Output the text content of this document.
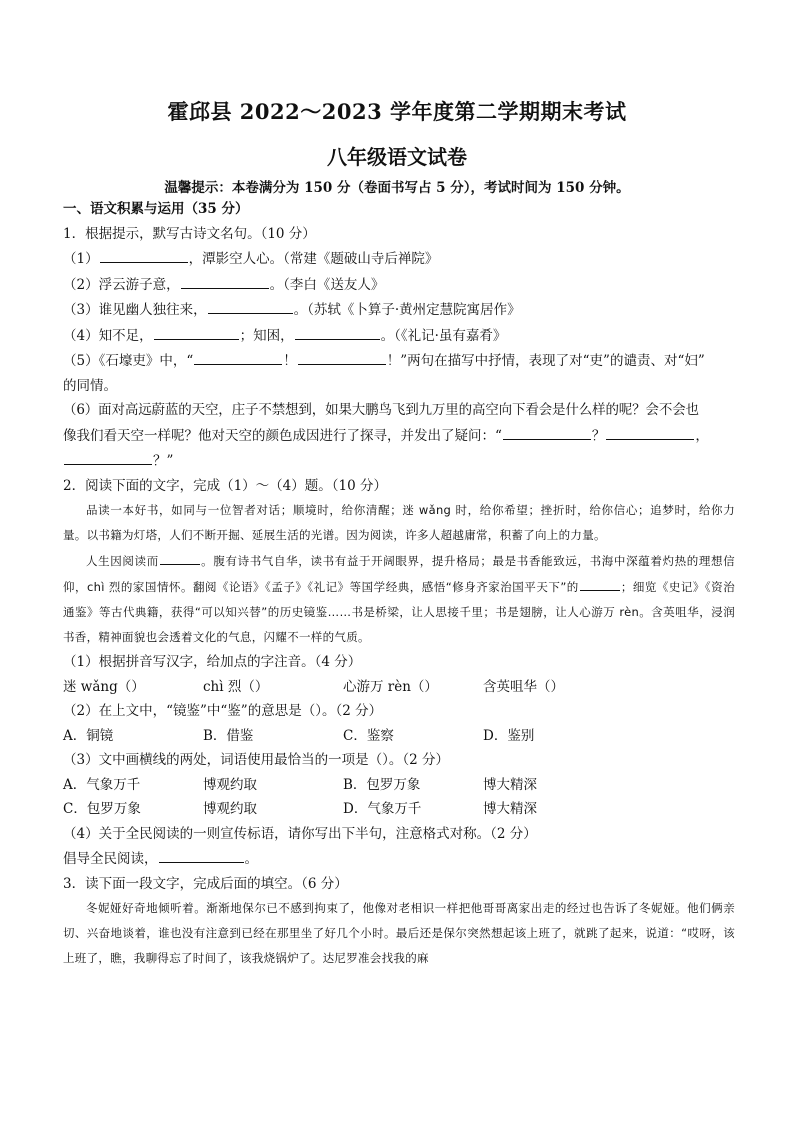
霍邱县 2022～2023 学年度第二学期期末考试
八年级语文试卷
温馨提示：本卷满分为 150 分（卷面书写占 5 分），考试时间为 150 分钟。
一、语文积累与运用（35 分）
1．根据提示，默写古诗文名句。（10 分）
（1）	，潭影空人心。（常建《题破山寺后禅院》
（2）浮云游子意，	。（李白《送友人》
（3）谁见幽人独往来，	。（苏轼《卜算子·黄州定慧院寓居作》
（4）知不足，	；知困，	。（《礼记·虽有嘉肴》
（5）《石壕吏》中，“	！	！”两句在描写中抒情，表现了对“吏”的谴责、对“妇”
的同情。
（6）面对高远蔚蓝的天空，庄子不禁想到，如果大鹏鸟飞到九万里的高空向下看会是什么样的呢？会不会也
像我们看天空一样呢？他对天空的颜色成因进行了探寻，并发出了疑问：“	？	，
？”
2．阅读下面的文字，完成（1）～（4）题。（10 分）
品读一本好书，如同与一位智者对话；顺境时，给你清醒；迷 wǎng 时，给你希望；挫折时，给你信心；追梦时，给你力量。以书籍为灯塔，人们不断开掘、延展生活的光谱。因为阅读，许多人超越庸常，积蓄了向上的力量。
人生因阅读而	。腹有诗书气自华，读书有益于开阔眼界，提升格局；最是书香能致远，书海中深蕴着灼热的理想信仰，chì 烈的家国情怀。翻阅《论语》《孟子》《礼记》等国学经典，感悟“修身齐家治国平天下”的	；细览《史记》《资治通鉴》等古代典籍，获得“可以知兴替”的历史镜鉴……书是桥梁，让人思接千里；书是翅膀，让人心游万 rèn。含英咀华，浸润书香，精神面貌也会透着文化的气息，闪耀不一样的气质。
（1）根据拼音写汉字，给加点的字注音。（4 分）
迷 wǎng（）	chì 烈（）	心游万 rèn（）	含英咀华（）
（2）在上文中，“镜鉴”中“鉴”的意思是（）。（2 分）
A．铜镜	B．借鉴	C．鉴察	D．鉴别
（3）文中画横线的两处，词语使用最恰当的一项是（）。（2 分）
A．气象万千	博观约取	B．包罗万象	博大精深
C．包罗万象	博观约取	D．气象万千	博大精深
（4）关于全民阅读的一则宣传标语，请你写出下半句，注意格式对称。（2 分）
倡导全民阅读，	。
3．读下面一段文字，完成后面的填空。（6 分）
冬妮娅好奇地倾听着。渐渐地保尔已不感到拘束了，他像对老相识一样把他哥哥离家出走的经过也告诉了冬妮娅。他们俩亲切、兴奋地谈着，谁也没有注意到已经在那里坐了好几个小时。最后还是保尔突然想起该上班了，就跳了起来，说道：“哎呀，该上班了，瞧，我聊得忘了时间了，该我烧锅炉了。达尼罗准会找我的麻
